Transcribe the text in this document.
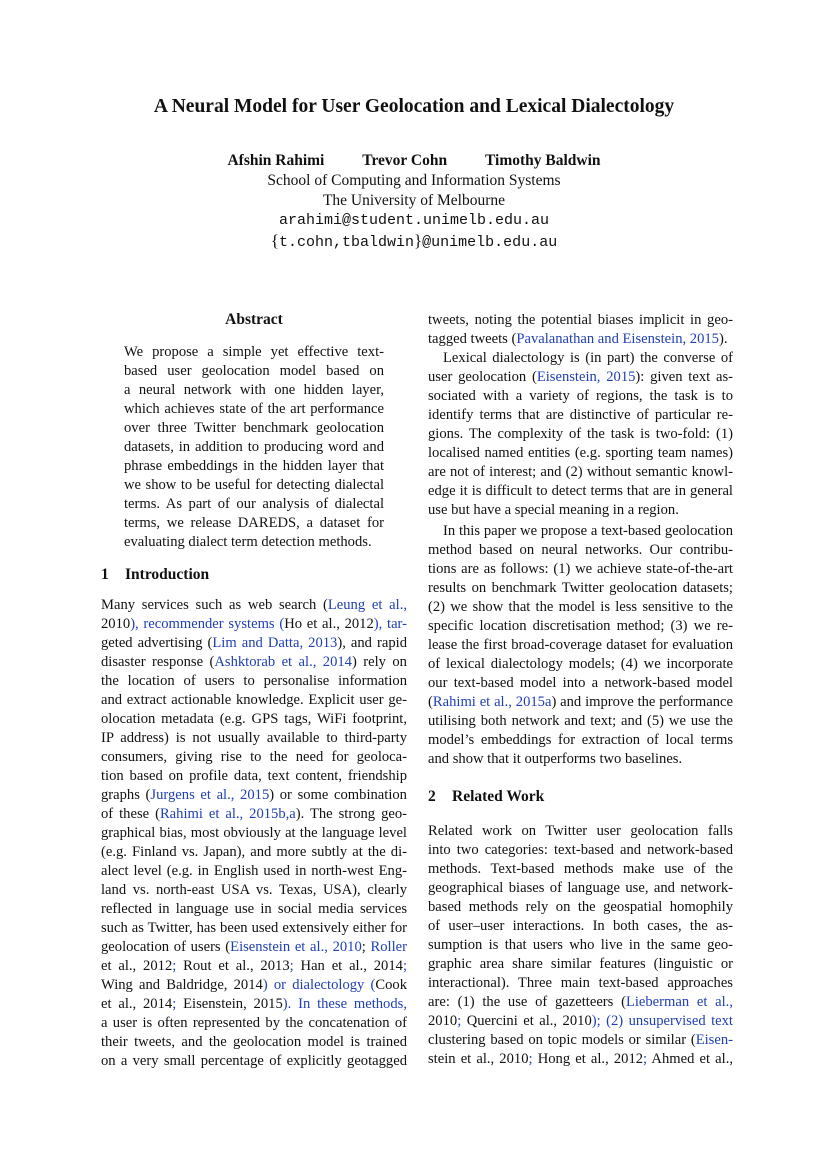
A Neural Model for User Geolocation and Lexical Dialectology
Afshin Rahimi Trevor Cohn Timothy Baldwin
School of Computing and Information Systems
The University of Melbourne
arahimi@student.unimelb.edu.au
{t.cohn,tbaldwin}@unimelb.edu.au
Abstract
We propose a simple yet effective text-
based user geolocation model based on
a neural network with one hidden layer,
which achieves state of the art performance
over three Twitter benchmark geolocation
datasets, in addition to producing word and
phrase embeddings in the hidden layer that
we show to be useful for detecting dialectal
terms. As part of our analysis of dialectal
terms, we release DAREDS, a dataset for
evaluating dialect term detection methods.
1 Introduction
Many services such as web search (Leung et al.,
2010), recommender systems (Ho et al., 2012), tar-
geted advertising (Lim and Datta, 2013), and rapid
disaster response (Ashktorab et al., 2014) rely on
the location of users to personalise information
and extract actionable knowledge. Explicit user ge-
olocation metadata (e.g. GPS tags, WiFi footprint,
IP address) is not usually available to third-party
consumers, giving rise to the need for geoloca-
tion based on profile data, text content, friendship
graphs (Jurgens et al., 2015) or some combination
of these (Rahimi et al., 2015b,a). The strong geo-
graphical bias, most obviously at the language level
(e.g. Finland vs. Japan), and more subtly at the di-
alect level (e.g. in English used in north-west Eng-
land vs. north-east USA vs. Texas, USA), clearly
reflected in language use in social media services
such as Twitter, has been used extensively either for
geolocation of users (Eisenstein et al., 2010; Roller
et al., 2012; Rout et al., 2013; Han et al., 2014;
Wing and Baldridge, 2014) or dialectology (Cook
et al., 2014; Eisenstein, 2015). In these methods,
a user is often represented by the concatenation of
their tweets, and the geolocation model is trained
on a very small percentage of explicitly geotagged
tweets, noting the potential biases implicit in geo-
tagged tweets (Pavalanathan and Eisenstein, 2015).
Lexical dialectology is (in part) the converse of
user geolocation (Eisenstein, 2015): given text as-
sociated with a variety of regions, the task is to
identify terms that are distinctive of particular re-
gions. The complexity of the task is two-fold: (1)
localised named entities (e.g. sporting team names)
are not of interest; and (2) without semantic knowl-
edge it is difficult to detect terms that are in general
use but have a special meaning in a region.
In this paper we propose a text-based geolocation
method based on neural networks. Our contribu-
tions are as follows: (1) we achieve state-of-the-art
results on benchmark Twitter geolocation datasets;
(2) we show that the model is less sensitive to the
specific location discretisation method; (3) we re-
lease the first broad-coverage dataset for evaluation
of lexical dialectology models; (4) we incorporate
our text-based model into a network-based model
(Rahimi et al., 2015a) and improve the performance
utilising both network and text; and (5) we use the
model’s embeddings for extraction of local terms
and show that it outperforms two baselines.
2 Related Work
Related work on Twitter user geolocation falls
into two categories: text-based and network-based
methods. Text-based methods make use of the
geographical biases of language use, and network-
based methods rely on the geospatial homophily
of user–user interactions. In both cases, the as-
sumption is that users who live in the same geo-
graphic area share similar features (linguistic or
interactional). Three main text-based approaches
are: (1) the use of gazetteers (Lieberman et al.,
2010; Quercini et al., 2010); (2) unsupervised text
clustering based on topic models or similar (Eisen-
stein et al., 2010; Hong et al., 2012; Ahmed et al.,
